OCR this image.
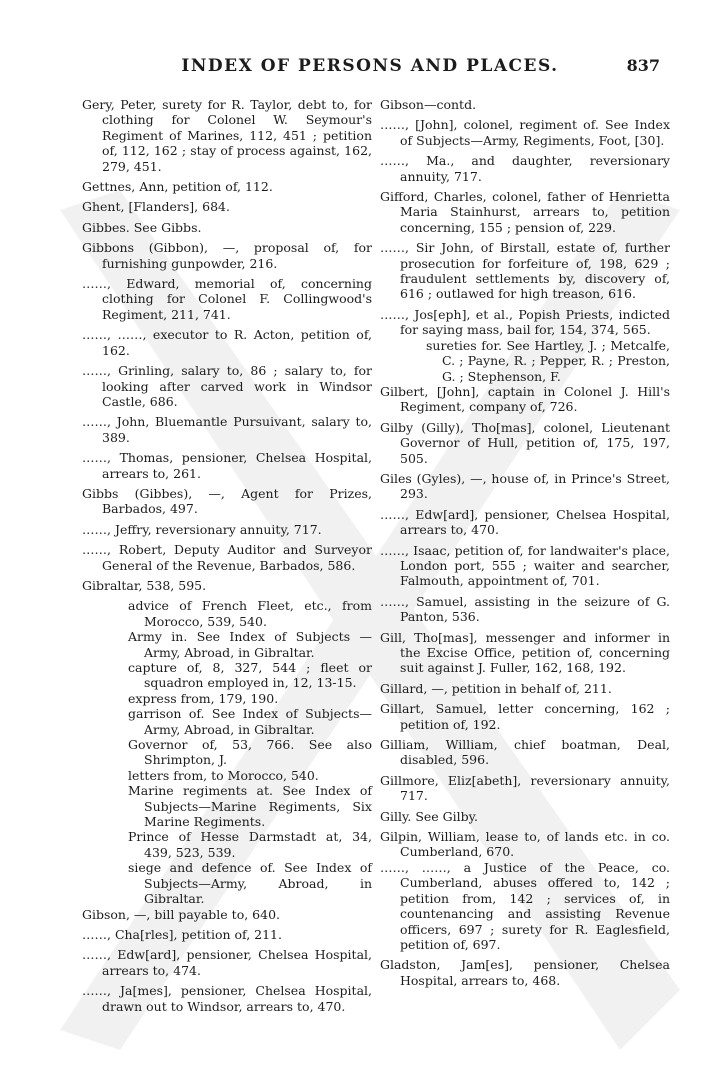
INDEX OF PERSONS AND PLACES.	837
Gery, Peter, surety for R. Taylor, debt to, for clothing for Colonel W. Seymour's Regiment of Marines, 112, 451 ; petition of, 112, 162 ; stay of process against, 162, 279, 451.
Gettnes, Ann, petition of, 112.
Ghent, [Flanders], 684.
Gibbes. See Gibbs.
Gibbons (Gibbon), —, proposal of, for furnishing gunpowder, 216.
……, Edward, memorial of, concerning clothing for Colonel F. Collingwood's Regiment, 211, 741.
……, ……, executor to R. Acton, petition of, 162.
……, Grinling, salary to, 86 ; salary to, for looking after carved work in Windsor Castle, 686.
……, John, Bluemantle Pursuivant, salary to, 389.
……, Thomas, pensioner, Chelsea Hospital, arrears to, 261.
Gibbs (Gibbes), —, Agent for Prizes, Barbados, 497.
……, Jeffry, reversionary annuity, 717.
……, Robert, Deputy Auditor and Surveyor General of the Revenue, Barbados, 586.
Gibraltar, 538, 595.
advice of French Fleet, etc., from Morocco, 539, 540.
Army in. See Index of Subjects —Army, Abroad, in Gibraltar.
capture of, 8, 327, 544 ; fleet or squadron employed in, 12, 13-15.
express from, 179, 190.
garrison of. See Index of Subjects—Army, Abroad, in Gibraltar.
Governor of, 53, 766. See also Shrimpton, J.
letters from, to Morocco, 540.
Marine regiments at. See Index of Subjects—Marine Regiments, Six Marine Regiments.
Prince of Hesse Darmstadt at, 34, 439, 523, 539.
siege and defence of. See Index of Subjects—Army, Abroad, in Gibraltar.
Gibson, —, bill payable to, 640.
……, Cha[rles], petition of, 211.
……, Edw[ard], pensioner, Chelsea Hospital, arrears to, 474.
……, Ja[mes], pensioner, Chelsea Hospital, drawn out to Windsor, arrears to, 470.
Gibson—contd.
……, [John], colonel, regiment of. See Index of Subjects—Army, Regiments, Foot, [30].
……, Ma., and daughter, reversionary annuity, 717.
Gifford, Charles, colonel, father of Henrietta Maria Stainhurst, arrears to, petition concerning, 155 ; pension of, 229.
……, Sir John, of Birstall, estate of, further prosecution for forfeiture of, 198, 629 ; fraudulent settlements by, discovery of, 616 ; outlawed for high treason, 616.
……, Jos[eph], et al., Popish Priests, indicted for saying mass, bail for, 154, 374, 565.
sureties for. See Hartley, J. ; Metcalfe, C. ; Payne, R. ; Pepper, R. ; Preston, G. ; Stephenson, F.
Gilbert, [John], captain in Colonel J. Hill's Regiment, company of, 726.
Gilby (Gilly), Tho[mas], colonel, Lieutenant Governor of Hull, petition of, 175, 197, 505.
Giles (Gyles), —, house of, in Prince's Street, 293.
……, Edw[ard], pensioner, Chelsea Hospital, arrears to, 470.
……, Isaac, petition of, for landwaiter's place, London port, 555 ; waiter and searcher, Falmouth, appointment of, 701.
……, Samuel, assisting in the seizure of G. Panton, 536.
Gill, Tho[mas], messenger and informer in the Excise Office, petition of, concerning suit against J. Fuller, 162, 168, 192.
Gillard, —, petition in behalf of, 211.
Gillart, Samuel, letter concerning, 162 ; petition of, 192.
Gilliam, William, chief boatman, Deal, disabled, 596.
Gillmore, Eliz[abeth], reversionary annuity, 717.
Gilly. See Gilby.
Gilpin, William, lease to, of lands etc. in co. Cumberland, 670.
……, ……, a Justice of the Peace, co. Cumberland, abuses offered to, 142 ; petition from, 142 ; services of, in countenancing and assisting Revenue officers, 697 ; surety for R. Eaglesfield, petition of, 697.
Gladston, Jam[es], pensioner, Chelsea Hospital, arrears to, 468.
